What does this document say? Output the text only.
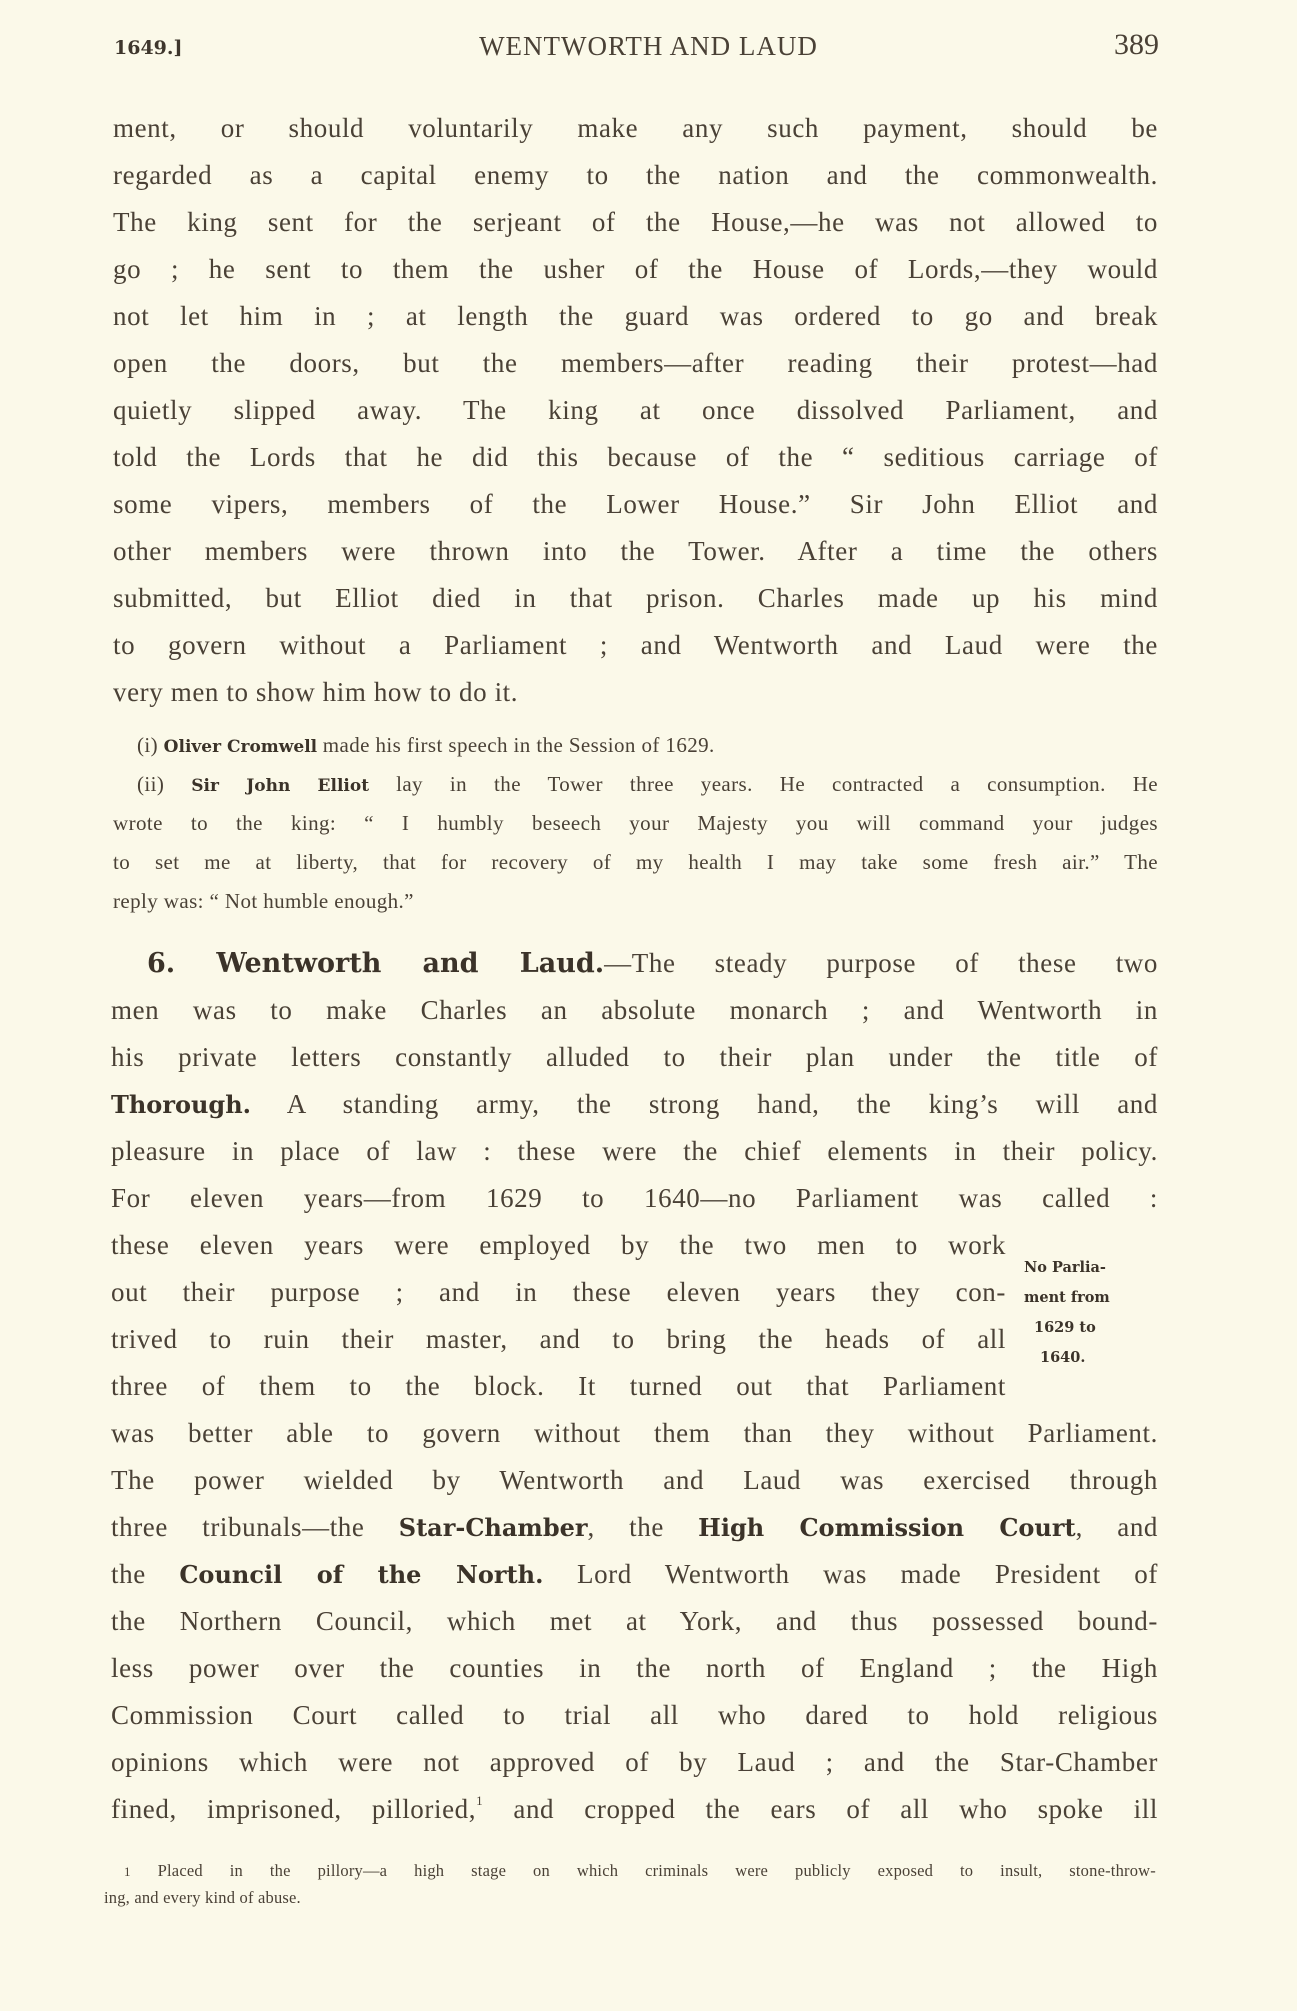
1649.]	WENTWORTH AND LAUD	389
ment, or should voluntarily make any such payment, should be
regarded as a capital enemy to the nation and the commonwealth.
The king sent for the serjeant of the House,—he was not allowed to
go ; he sent to them the usher of the House of Lords,—they would
not let him in ; at length the guard was ordered to go and break
open the doors, but the members—after reading their protest—had
quietly slipped away. The king at once dissolved Parliament, and
told the Lords that he did this because of the “ seditious carriage of
some vipers, members of the Lower House.” Sir John Elliot and
other members were thrown into the Tower. After a time the others
submitted, but Elliot died in that prison. Charles made up his mind
to govern without a Parliament ; and Wentworth and Laud were the
very men to show him how to do it.
(i) Oliver Cromwell made his first speech in the Session of 1629.
(ii) Sir John Elliot lay in the Tower three years. He contracted a consumption. He
wrote to the king: “ I humbly beseech your Majesty you will command your judges
to set me at liberty, that for recovery of my health I may take some fresh air.” The
reply was: “ Not humble enough.”
6. Wentworth and Laud.—The steady purpose of these two
men was to make Charles an absolute monarch ; and Wentworth in
his private letters constantly alluded to their plan under the title of
Thorough. A standing army, the strong hand, the king’s will and
pleasure in place of law : these were the chief elements in their policy.
For eleven years—from 1629 to 1640—no Parliament was called :
these eleven years were employed by the two men to work
out their purpose ; and in these eleven years they con-
trived to ruin their master, and to bring the heads of all
three of them to the block. It turned out that Parliament
was better able to govern without them than they without Parliament.
The power wielded by Wentworth and Laud was exercised through
three tribunals—the Star-Chamber, the High Commission Court, and
the Council of the North. Lord Wentworth was made President of
the Northern Council, which met at York, and thus possessed bound-
less power over the counties in the north of England ; the High
Commission Court called to trial all who dared to hold religious
opinions which were not approved of by Laud ; and the Star-Chamber
fined, imprisoned, pilloried,$^1$ and cropped the ears of all who spoke ill
No Parlia-
ment from
1629 to
1640.
$^1$ Placed in the pillory—a high stage on which criminals were publicly exposed to insult, stone-throw-
ing, and every kind of abuse.
